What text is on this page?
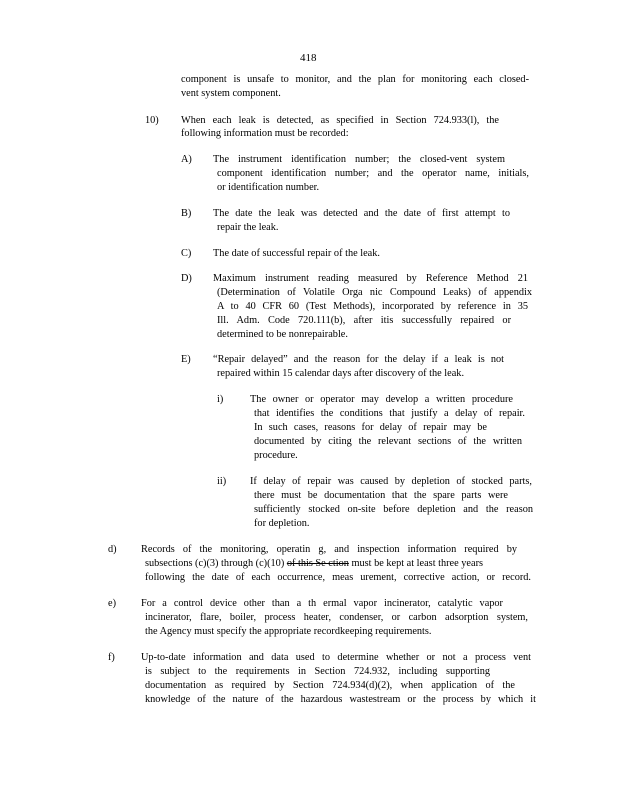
418
component is unsafe to monitor, and the plan for monitoring each closed-
vent system component.
10) When each leak is detected, as specified in Section 724.933(l), the
following information must be recorded:
A) The instrument identification number; the closed-vent system
component identification number; and the operator name, initials,
or identification number.
B) The date the leak was detected and the date of first attempt to
repair the leak.
C) The date of successful repair of the leak.
D) Maximum instrument reading measured by Reference Method 21
(Determination of Volatile Orga nic Compound Leaks) of appendix
A to 40 CFR 60 (Test Methods), incorporated by reference in 35
Ill. Adm. Code 720.111(b), after itis successfully repaired or
determined to be nonrepairable.
E) “Repair delayed” and the reason for the delay if a leak is not
repaired within 15 calendar days after discovery of the leak.
i)	The owner or operator may develop a written procedure
that identifies the conditions that justify a delay of repair.
In such cases, reasons for delay of repair may be
documented by citing the relevant sections of the written
procedure.
ii) If delay of repair was caused by depletion of stocked parts,
there must be documentation that the spare parts were
sufficiently stocked on-site before depletion and the reason
for depletion.
d) Records of the monitoring, operatin g, and inspection information required by
subsections (c)(3) through (c)(10) of this Se ction must be kept at least three years
following the date of each occurrence, meas urement, corrective action, or record.
e) For a control device other than a th ermal vapor incinerator, catalytic vapor
incinerator, flare, boiler, process heater, condenser, or carbon adsorption system,
the Agency must specify the appropriate recordkeeping requirements.
f)	Up-to-date information and data used to determine whether or not a process vent
is subject to the requirements in Section 724.932, including supporting
documentation as required by Section 724.934(d)(2), when application of the
knowledge of the nature of the hazardous wastestream or the process by which it
